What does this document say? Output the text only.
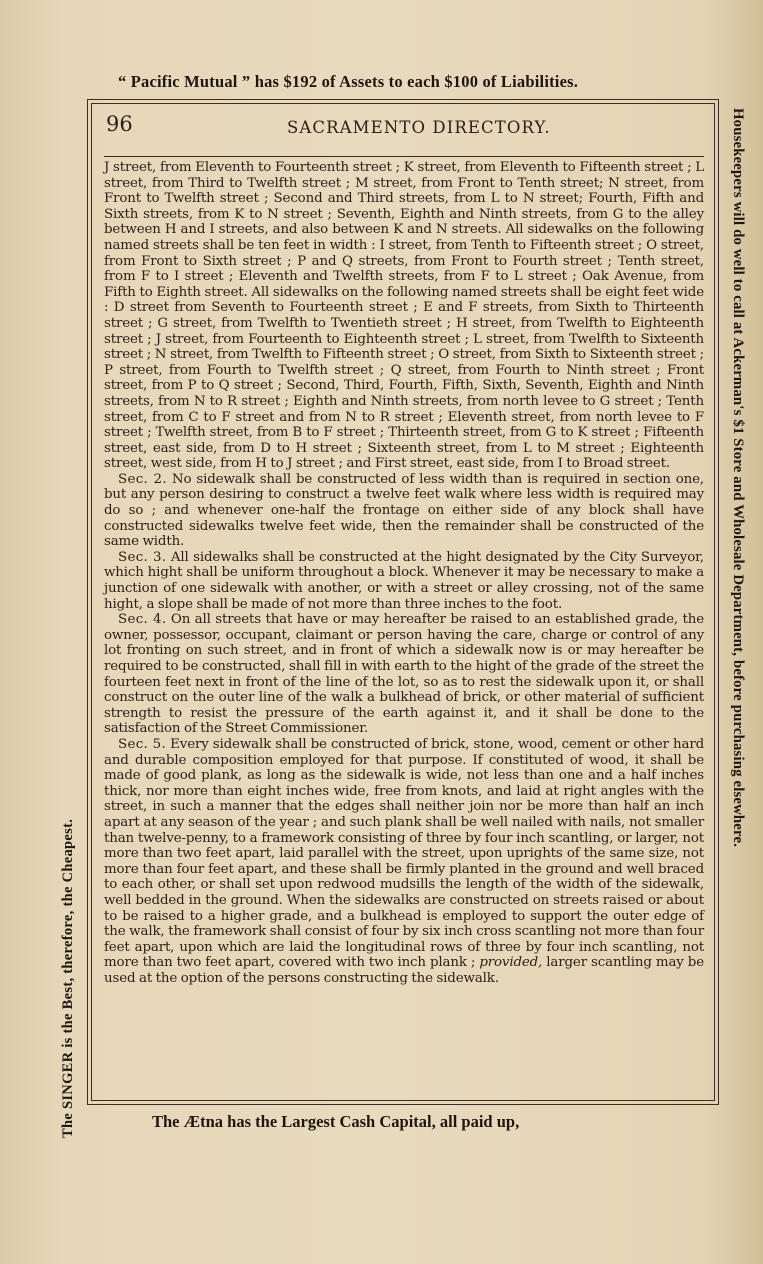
“ Pacific Mutual ” has $192 of Assets to each $100 of Liabilities.
The SINGER is the Best, therefore, the Cheapest.
Housekeepers will do well to call at Ackerman's $1 Store and Wholesale Department, before purchasing elsewhere.
96	SACRAMENTO DIRECTORY.

J street, from Eleventh to Fourteenth street ; K street, from Eleventh to Fifteenth street ; L street, from Third to Twelfth street ; M street, from Front to Tenth street; N street, from Front to Twelfth street ; Second and Third streets, from L to N street; Fourth, Fifth and Sixth streets, from K to N street ; Seventh, Eighth and Ninth streets, from G to the alley between H and I streets, and also between K and N streets. All sidewalks on the following named streets shall be ten feet in width : I street, from Tenth to Fifteenth street ; O street, from Front to Sixth street ; P and Q streets, from Front to Fourth street ; Tenth street, from F to I street ; Eleventh and Twelfth streets, from F to L street ; Oak Avenue, from Fifth to Eighth street. All sidewalks on the following named streets shall be eight feet wide : D street from Seventh to Fourteenth street ; E and F streets, from Sixth to Thirteenth street ; G street, from Twelfth to Twentieth street ; H street, from Twelfth to Eighteenth street ; J street, from Fourteenth to Eighteenth street ; L street, from Twelfth to Sixteenth street ; N street, from Twelfth to Fifteenth street ; O street, from Sixth to Sixteenth street ; P street, from Fourth to Twelfth street ; Q street, from Fourth to Ninth street ; Front street, from P to Q street ; Second, Third, Fourth, Fifth, Sixth, Seventh, Eighth and Ninth streets, from N to R street ; Eighth and Ninth streets, from north levee to G street ; Tenth street, from C to F street and from N to R street ; Eleventh street, from north levee to F street ; Twelfth street, from B to F street ; Thirteenth street, from G to K street ; Fifteenth street, east side, from D to H street ; Sixteenth street, from L to M street ; Eighteenth street, west side, from H to J street ; and First street, east side, from I to Broad street.

Sec. 2. No sidewalk shall be constructed of less width than is required in section one, but any person desiring to construct a twelve feet walk where less width is required may do so ; and whenever one-half the frontage on either side of any block shall have constructed sidewalks twelve feet wide, then the remainder shall be constructed of the same width.

Sec. 3. All sidewalks shall be constructed at the hight designated by the City Surveyor, which hight shall be uniform throughout a block. Whenever it may be necessary to make a junction of one sidewalk with another, or with a street or alley crossing, not of the same hight, a slope shall be made of not more than three inches to the foot.

Sec. 4. On all streets that have or may hereafter be raised to an established grade, the owner, possessor, occupant, claimant or person having the care, charge or control of any lot fronting on such street, and in front of which a sidewalk now is or may hereafter be required to be constructed, shall fill in with earth to the hight of the grade of the street the fourteen feet next in front of the line of the lot, so as to rest the sidewalk upon it, or shall construct on the outer line of the walk a bulkhead of brick, or other material of sufficient strength to resist the pressure of the earth against it, and it shall be done to the satisfaction of the Street Commissioner.

Sec. 5. Every sidewalk shall be constructed of brick, stone, wood, cement or other hard and durable composition employed for that purpose. If constituted of wood, it shall be made of good plank, as long as the sidewalk is wide, not less than one and a half inches thick, nor more than eight inches wide, free from knots, and laid at right angles with the street, in such a manner that the edges shall neither join nor be more than half an inch apart at any season of the year ; and such plank shall be well nailed with nails, not smaller than twelve-penny, to a framework consisting of three by four inch scantling, or larger, not more than two feet apart, laid parallel with the street, upon uprights of the same size, not more than four feet apart, and these shall be firmly planted in the ground and well braced to each other, or shall set upon redwood mudsills the length of the width of the sidewalk, well bedded in the ground. When the sidewalks are constructed on streets raised or about to be raised to a higher grade, and a bulkhead is employed to support the outer edge of the walk, the framework shall consist of four by six inch cross scantling not more than four feet apart, upon which are laid the longitudinal rows of three by four inch scantling, not more than two feet apart, covered with two inch plank ; provided, larger scantling may be used at the option of the persons constructing the sidewalk.

The Ætna has the Largest Cash Capital, all paid up,
